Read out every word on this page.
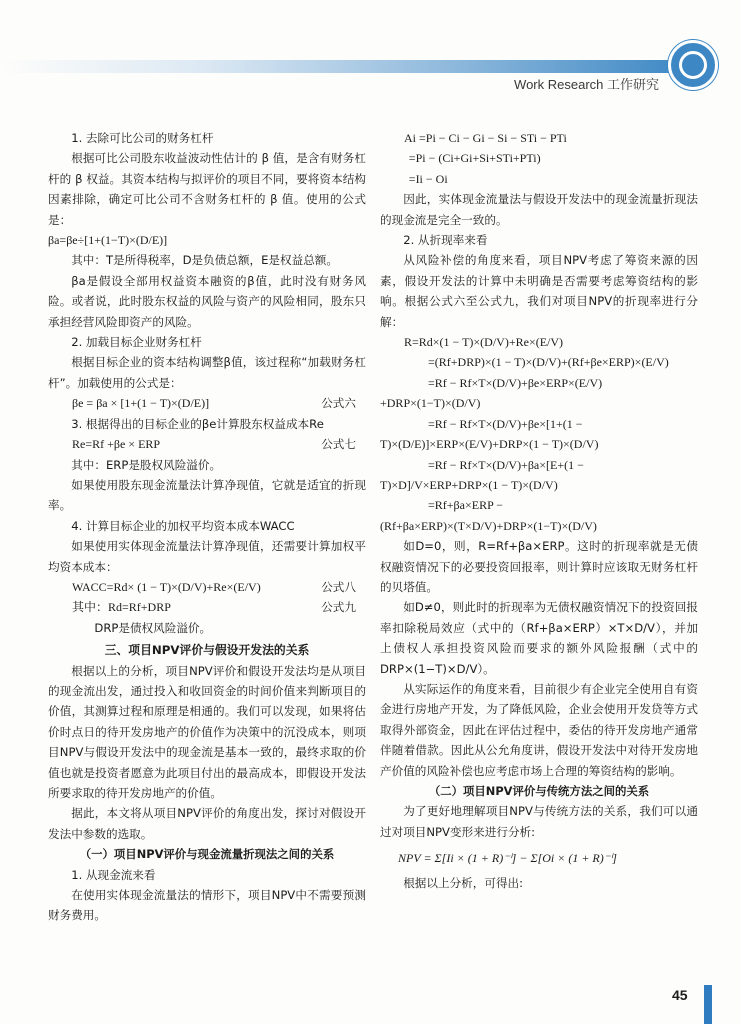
Work Research 工作研究

1. 去除可比公司的财务杠杆

根据可比公司股东收益波动性估计的 β 值，是含有财务杠杆的 β 权益。其资本结构与拟评价的项目不同，要将资本结构因素排除，确定可比公司不含财务杠杆的 β 值。使用的公式是：

βa=βe÷[1+(1−T)×(D/E)]

其中：T是所得税率，D是负债总额，E是权益总额。

βa是假设全部用权益资本融资的β值，此时没有财务风险。或者说，此时股东权益的风险与资产的风险相同，股东只承担经营风险即资产的风险。

2. 加载目标企业财务杠杆

根据目标企业的资本结构调整β值，该过程称“加载财务杠杆”。加载使用的公式是：

βe = βa × [1+(1 − T)×(D/E)]	公式六

3. 根据得出的目标企业的βe计算股东权益成本Re

Re=Rf +βe × ERP	公式七

其中：ERP是股权风险溢价。

如果使用股东现金流量法计算净现值，它就是适宜的折现率。

4. 计算目标企业的加权平均资本成本WACC

如果使用实体现金流量法计算净现值，还需要计算加权平均资本成本：

WACC=Rd× (1 − T)×(D/V)+Re×(E/V)	公式八

其中：Rd=Rf+DRP	公式九

DRP是债权风险溢价。

三、项目NPV评价与假设开发法的关系

根据以上的分析，项目NPV评价和假设开发法均是从项目的现金流出发，通过投入和收回资金的时间价值来判断项目的价值，其测算过程和原理是相通的。我们可以发现，如果将估价时点日的待开发房地产的价值作为决策中的沉没成本，则项目NPV与假设开发法中的现金流是基本一致的，最终求取的价值也就是投资者愿意为此项目付出的最高成本，即假设开发法所要求取的待开发房地产的价值。

据此，本文将从项目NPV评价的角度出发，探讨对假设开发法中参数的选取。

（一）项目NPV评价与现金流量折现法之间的关系

1. 从现金流来看

在使用实体现金流量法的情形下，项目NPV中不需要预测财务费用。

Ai =Pi − Ci − Gi − Si − STi − PTi

=Pi − (Ci+Gi+Si+STi+PTi)

=Ii − Oi

因此，实体现金流量法与假设开发法中的现金流量折现法的现金流是完全一致的。

2. 从折现率来看

从风险补偿的角度来看，项目NPV考虑了筹资来源的因素，假设开发法的计算中未明确是否需要考虑筹资结构的影响。根据公式六至公式九，我们对项目NPV的折现率进行分解：

R=Rd×(1 − T)×(D/V)+Re×(E/V)

=(Rf+DRP)×(1 − T)×(D/V)+(Rf+βe×ERP)×(E/V)

=Rf − Rf×T×(D/V)+βe×ERP×(E/V) +DRP×(1−T)×(D/V)

=Rf − Rf×T×(D/V)+βe×[1+(1 − T)×(D/E)]×ERP×(E/V)+DRP×(1 − T)×(D/V)

=Rf − Rf×T×(D/V)+βa×[E+(1 − T)×D]/V×ERP+DRP×(1 − T)×(D/V)

=Rf+βa×ERP − (Rf+βa×ERP)×(T×D/V)+DRP×(1−T)×(D/V)

如D=0，则，R=Rf+βa×ERP。这时的折现率就是无债权融资情况下的必要投资回报率，则计算时应该取无财务杠杆的贝塔值。

如D≠0，则此时的折现率为无债权融资情况下的投资回报率扣除税局效应（式中的（Rf+βa×ERP）×T×D/V），并加上债权人承担投资风险而要求的额外风险报酬（式中的DRP×(1−T)×D/V）。

从实际运作的角度来看，目前很少有企业完全使用自有资金进行房地产开发，为了降低风险，企业会使用开发贷等方式取得外部资金，因此在评估过程中，委估的待开发房地产通常伴随着借款。因此从公允角度讲，假设开发法中对待开发房地产价值的风险补偿也应考虑市场上合理的筹资结构的影响。

（二）项目NPV评价与传统方法之间的关系

为了更好地理解项目NPV与传统方法的关系，我们可以通过对项目NPV变形来进行分析:

NPV = Σ[Ii × (1 + R)⁻ⁱ] − Σ[Oi × (1 + R)⁻ⁱ]

根据以上分析，可得出:

45
